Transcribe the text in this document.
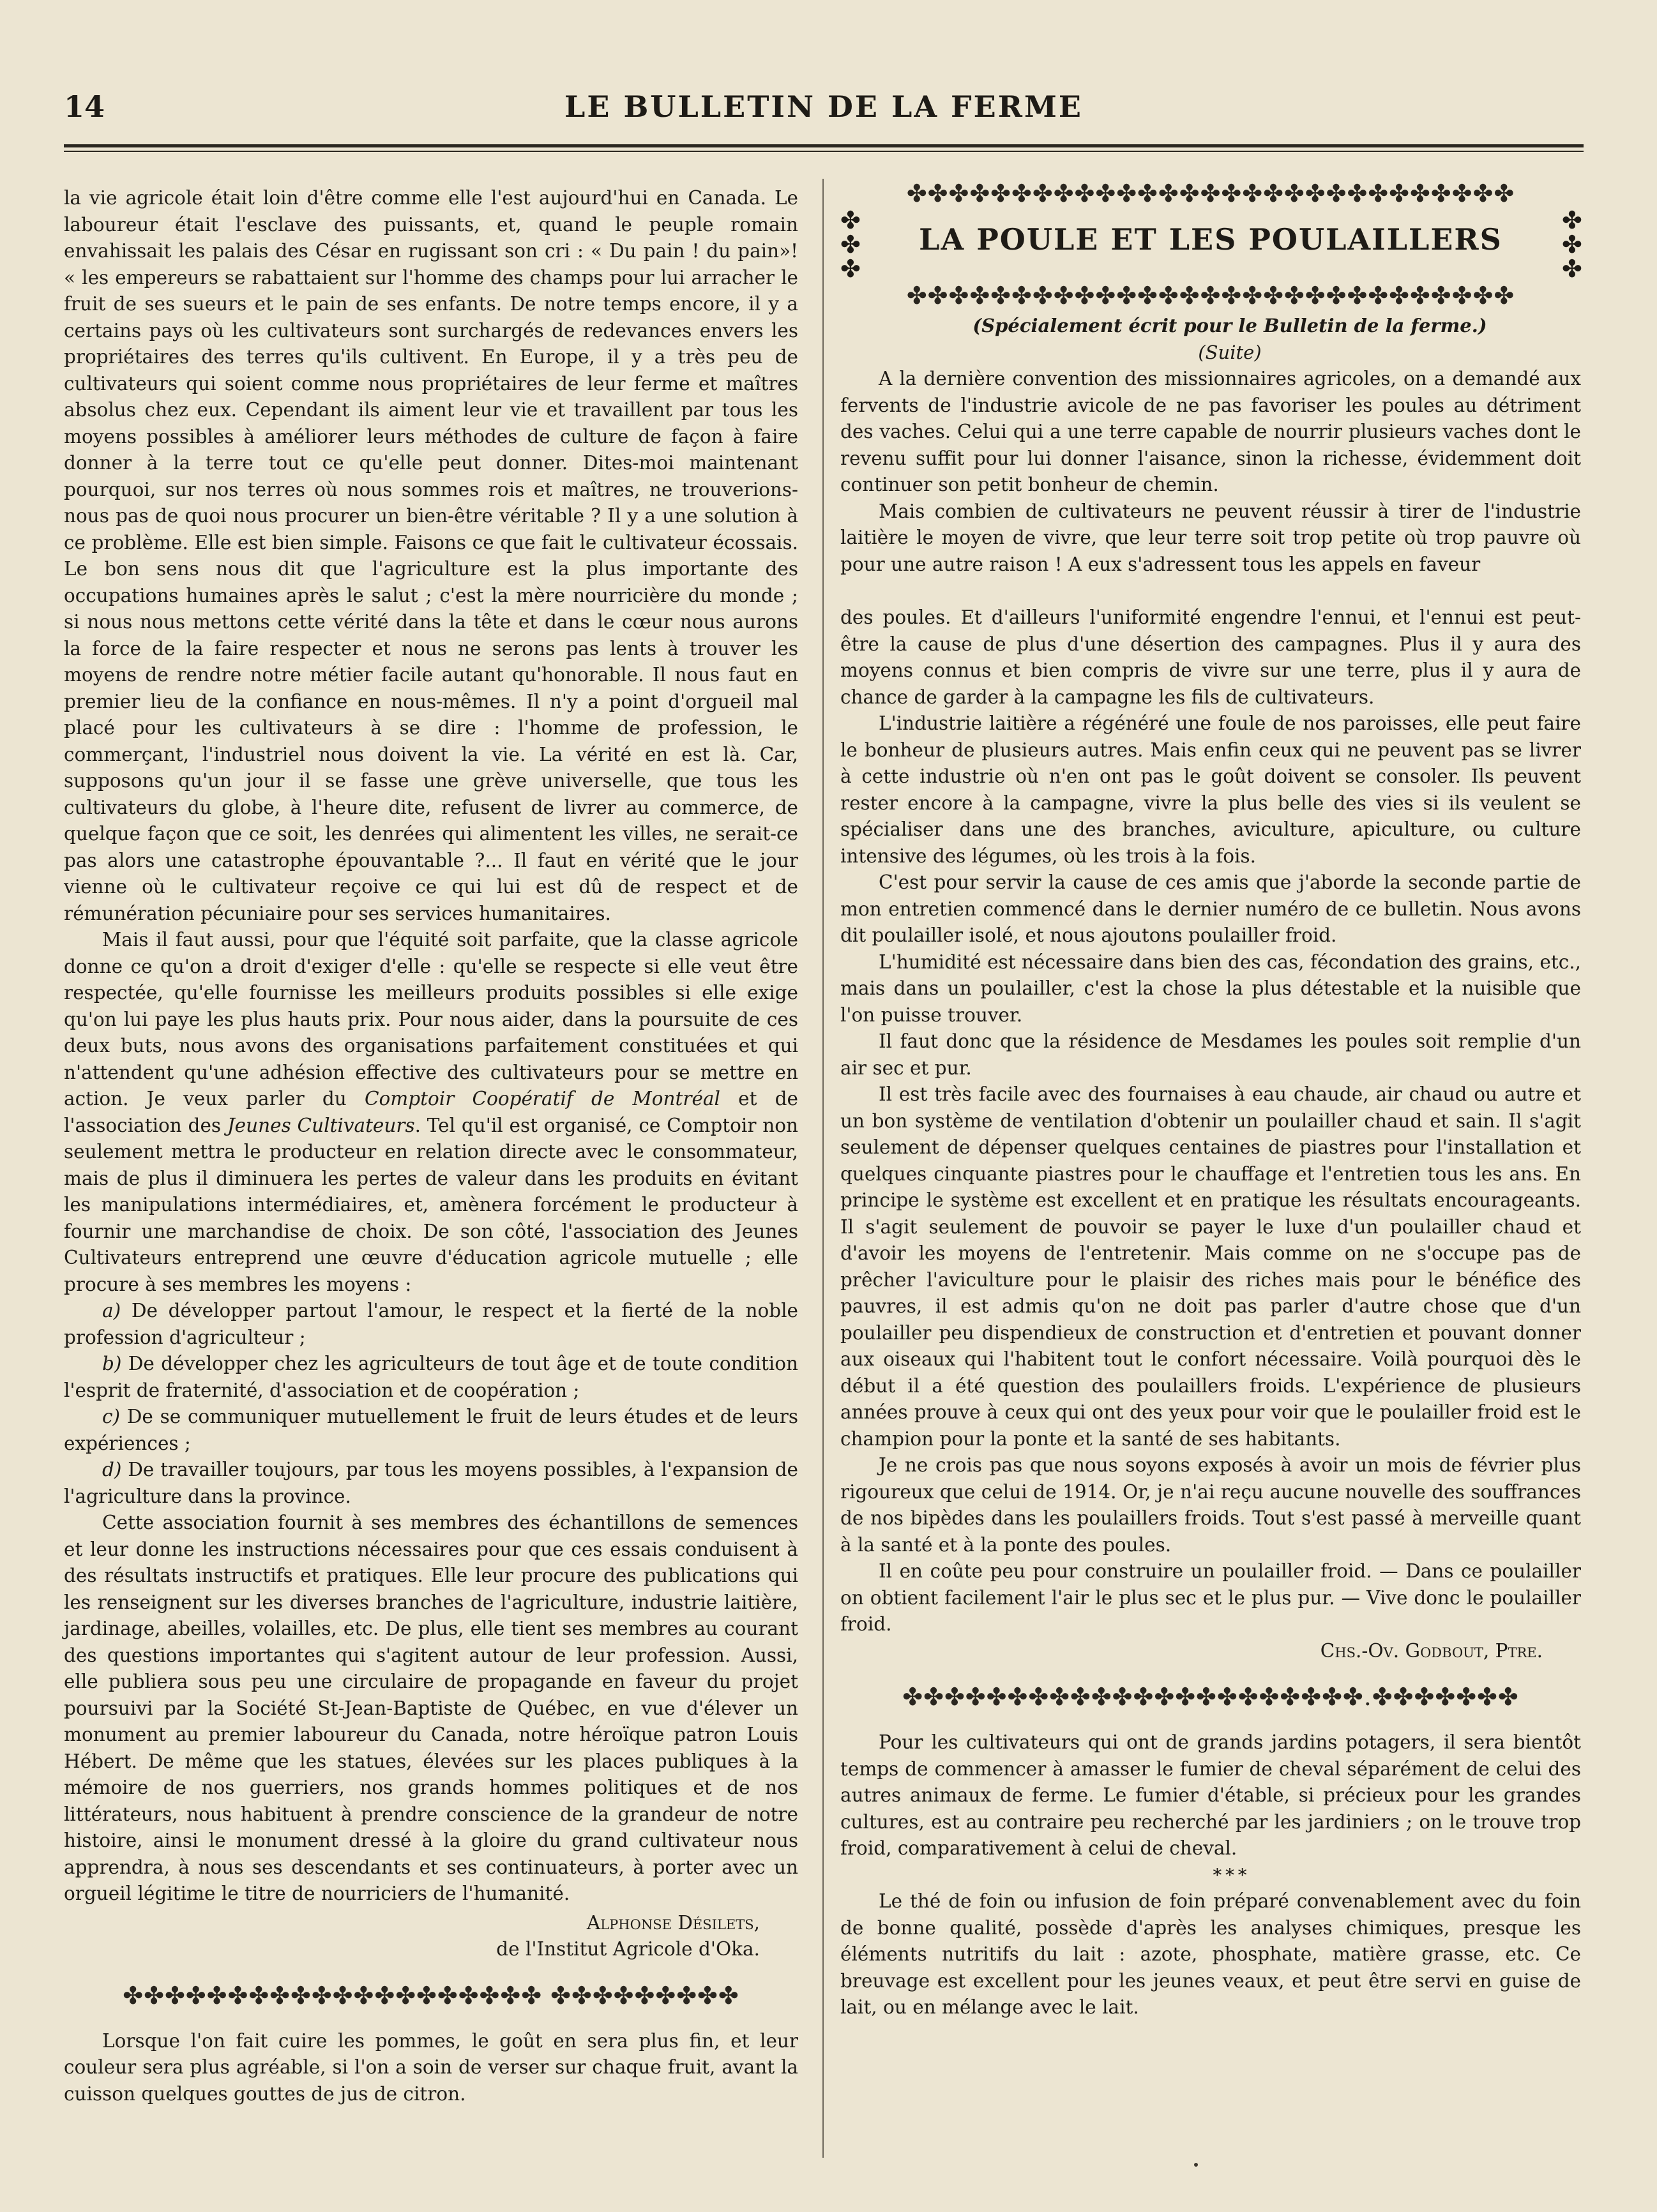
14	LE BULLETIN DE LA FERME

la vie agricole était loin d'être comme elle l'est aujourd'hui en Canada. Le laboureur était l'esclave des puissants, et, quand le peuple romain envahissait les palais des César en rugissant son cri : « Du pain ! du pain»! « les empereurs se rabattaient sur l'homme des champs pour lui arracher le fruit de ses sueurs et le pain de ses enfants. De notre temps encore, il y a certains pays où les cultivateurs sont surchargés de redevances envers les propriétaires des terres qu'ils cultivent. En Europe, il y a très peu de cultivateurs qui soient comme nous propriétaires de leur ferme et maîtres absolus chez eux. Cependant ils aiment leur vie et travaillent par tous les moyens possibles à améliorer leurs méthodes de culture de façon à faire donner à la terre tout ce qu'elle peut donner. Dites-moi maintenant pourquoi, sur nos terres où nous sommes rois et maîtres, ne trouverions-nous pas de quoi nous procurer un bien-être véritable ? Il y a une solution à ce problème. Elle est bien simple. Faisons ce que fait le cultivateur écossais. Le bon sens nous dit que l'agriculture est la plus importante des occupations humaines après le salut ; c'est la mère nourricière du monde ; si nous nous mettons cette vérité dans la tête et dans le cœur nous aurons la force de la faire respecter et nous ne serons pas lents à trouver les moyens de rendre notre métier facile autant qu'honorable. Il nous faut en premier lieu de la confiance en nous-mêmes. Il n'y a point d'orgueil mal placé pour les cultivateurs à se dire : l'homme de profession, le commerçant, l'industriel nous doivent la vie. La vérité en est là. Car, supposons qu'un jour il se fasse une grève universelle, que tous les cultivateurs du globe, à l'heure dite, refusent de livrer au commerce, de quelque façon que ce soit, les denrées qui alimentent les villes, ne serait-ce pas alors une catastrophe épouvantable ?... Il faut en vérité que le jour vienne où le cultivateur reçoive ce qui lui est dû de respect et de rémunération pécuniaire pour ses services humanitaires.

Mais il faut aussi, pour que l'équité soit parfaite, que la classe agricole donne ce qu'on a droit d'exiger d'elle : qu'elle se respecte si elle veut être respectée, qu'elle fournisse les meilleurs produits possibles si elle exige qu'on lui paye les plus hauts prix. Pour nous aider, dans la poursuite de ces deux buts, nous avons des organisations parfaitement constituées et qui n'attendent qu'une adhésion effective des cultivateurs pour se mettre en action. Je veux parler du Comptoir Coopératif de Montréal et de l'association des Jeunes Cultivateurs. Tel qu'il est organisé, ce Comptoir non seulement mettra le producteur en relation directe avec le consommateur, mais de plus il diminuera les pertes de valeur dans les produits en évitant les manipulations intermédiaires, et, amènera forcément le producteur à fournir une marchandise de choix. De son côté, l'association des Jeunes Cultivateurs entreprend une œuvre d'éducation agricole mutuelle ; elle procure à ses membres les moyens :

a) De développer partout l'amour, le respect et la fierté de la noble profession d'agriculteur ;

b) De développer chez les agriculteurs de tout âge et de toute condition l'esprit de fraternité, d'association et de coopération ;

c) De se communiquer mutuellement le fruit de leurs études et de leurs expériences ;

d) De travailler toujours, par tous les moyens possibles, à l'expansion de l'agriculture dans la province.

Cette association fournit à ses membres des échantillons de semences et leur donne les instructions nécessaires pour que ces essais conduisent à des résultats instructifs et pratiques. Elle leur procure des publications qui les renseignent sur les diverses branches de l'agriculture, industrie laitière, jardinage, abeilles, volailles, etc. De plus, elle tient ses membres au courant des questions importantes qui s'agitent autour de leur profession. Aussi, elle publiera sous peu une circulaire de propagande en faveur du projet poursuivi par la Société St-Jean-Baptiste de Québec, en vue d'élever un monument au premier laboureur du Canada, notre héroïque patron Louis Hébert. De même que les statues, élevées sur les places publiques à la mémoire de nos guerriers, nos grands hommes politiques et de nos littérateurs, nous habituent à prendre conscience de la grandeur de notre histoire, ainsi le monument dressé à la gloire du grand cultivateur nous apprendra, à nous ses descendants et ses continuateurs, à porter avec un orgueil légitime le titre de nourriciers de l'humanité.

Alphonse Désilets,
de l'Institut Agricole d'Oka.
✤✤✤✤✤✤✤✤✤✤✤✤✤✤✤✤✤✤✤✤ ✤✤✤✤✤✤✤✤✤

Lorsque l'on fait cuire les pommes, le goût en sera plus fin, et leur couleur sera plus agréable, si l'on a soin de verser sur chaque fruit, avant la cuisson quelques gouttes de jus de citron.

✤✤✤✤✤✤✤✤✤✤✤✤✤✤✤✤✤✤✤✤✤✤✤✤✤✤✤✤✤
✤
✤
✤
LA POULE ET LES POULAILLERS
✤
✤
✤
✤✤✤✤✤✤✤✤✤✤✤✤✤✤✤✤✤✤✤✤✤✤✤✤✤✤✤✤✤

(Spécialement écrit pour le Bulletin de la ferme.)

(Suite)

A la dernière convention des missionnaires agricoles, on a demandé aux fervents de l'industrie avicole de ne pas favoriser les poules au détriment des vaches. Celui qui a une terre capable de nourrir plusieurs vaches dont le revenu suffit pour lui donner l'aisance, sinon la richesse, évidemment doit continuer son petit bonheur de chemin.

Mais combien de cultivateurs ne peuvent réussir à tirer de l'industrie laitière le moyen de vivre, que leur terre soit trop petite où trop pauvre où pour une autre raison ! A eux s'adressent tous les appels en faveur

des poules. Et d'ailleurs l'uniformité engendre l'ennui, et l'ennui est peut-être la cause de plus d'une désertion des campagnes. Plus il y aura des moyens connus et bien compris de vivre sur une terre, plus il y aura de chance de garder à la campagne les fils de cultivateurs.

L'industrie laitière a régénéré une foule de nos paroisses, elle peut faire le bonheur de plusieurs autres. Mais enfin ceux qui ne peuvent pas se livrer à cette industrie où n'en ont pas le goût doivent se consoler. Ils peuvent rester encore à la campagne, vivre la plus belle des vies si ils veulent se spécialiser dans une des branches, aviculture, apiculture, ou culture intensive des légumes, où les trois à la fois.

C'est pour servir la cause de ces amis que j'aborde la seconde partie de mon entretien commencé dans le dernier numéro de ce bulletin. Nous avons dit poulailler isolé, et nous ajoutons poulailler froid.

L'humidité est nécessaire dans bien des cas, fécondation des grains, etc., mais dans un poulailler, c'est la chose la plus détestable et la nuisible que l'on puisse trouver.

Il faut donc que la résidence de Mesdames les poules soit remplie d'un air sec et pur.

Il est très facile avec des fournaises à eau chaude, air chaud ou autre et un bon système de ventilation d'obtenir un poulailler chaud et sain. Il s'agit seulement de dépenser quelques centaines de piastres pour l'installation et quelques cinquante piastres pour le chauffage et l'entretien tous les ans. En principe le système est excellent et en pratique les résultats encourageants. Il s'agit seulement de pouvoir se payer le luxe d'un poulailler chaud et d'avoir les moyens de l'entretenir. Mais comme on ne s'occupe pas de prêcher l'aviculture pour le plaisir des riches mais pour le bénéfice des pauvres, il est admis qu'on ne doit pas parler d'autre chose que d'un poulailler peu dispendieux de construction et d'entretien et pouvant donner aux oiseaux qui l'habitent tout le confort nécessaire. Voilà pourquoi dès le début il a été question des poulaillers froids. L'expérience de plusieurs années prouve à ceux qui ont des yeux pour voir que le poulailler froid est le champion pour la ponte et la santé de ses habitants.

Je ne crois pas que nous soyons exposés à avoir un mois de février plus rigoureux que celui de 1914. Or, je n'ai reçu aucune nouvelle des souffrances de nos bipèdes dans les poulaillers froids. Tout s'est passé à merveille quant à la santé et à la ponte des poules.

Il en coûte peu pour construire un poulailler froid. — Dans ce poulailler on obtient facilement l'air le plus sec et le plus pur. — Vive donc le poulailler froid.

Chs.-Ov. Godbout, Ptre.

✤✤✤✤✤✤✤✤✤✤✤✤✤✤✤✤✤✤✤✤✤✤.✤✤✤✤✤✤✤

Pour les cultivateurs qui ont de grands jardins potagers, il sera bientôt temps de commencer à amasser le fumier de cheval séparément de celui des autres animaux de ferme. Le fumier d'étable, si précieux pour les grandes cultures, est au contraire peu recherché par les jardiniers ; on le trouve trop froid, comparativement à celui de cheval.

* * *

Le thé de foin ou infusion de foin préparé convenablement avec du foin de bonne qualité, possède d'après les analyses chimiques, presque les éléments nutritifs du lait : azote, phosphate, matière grasse, etc. Ce breuvage est excellent pour les jeunes veaux, et peut être servi en guise de lait, ou en mélange avec le lait.
